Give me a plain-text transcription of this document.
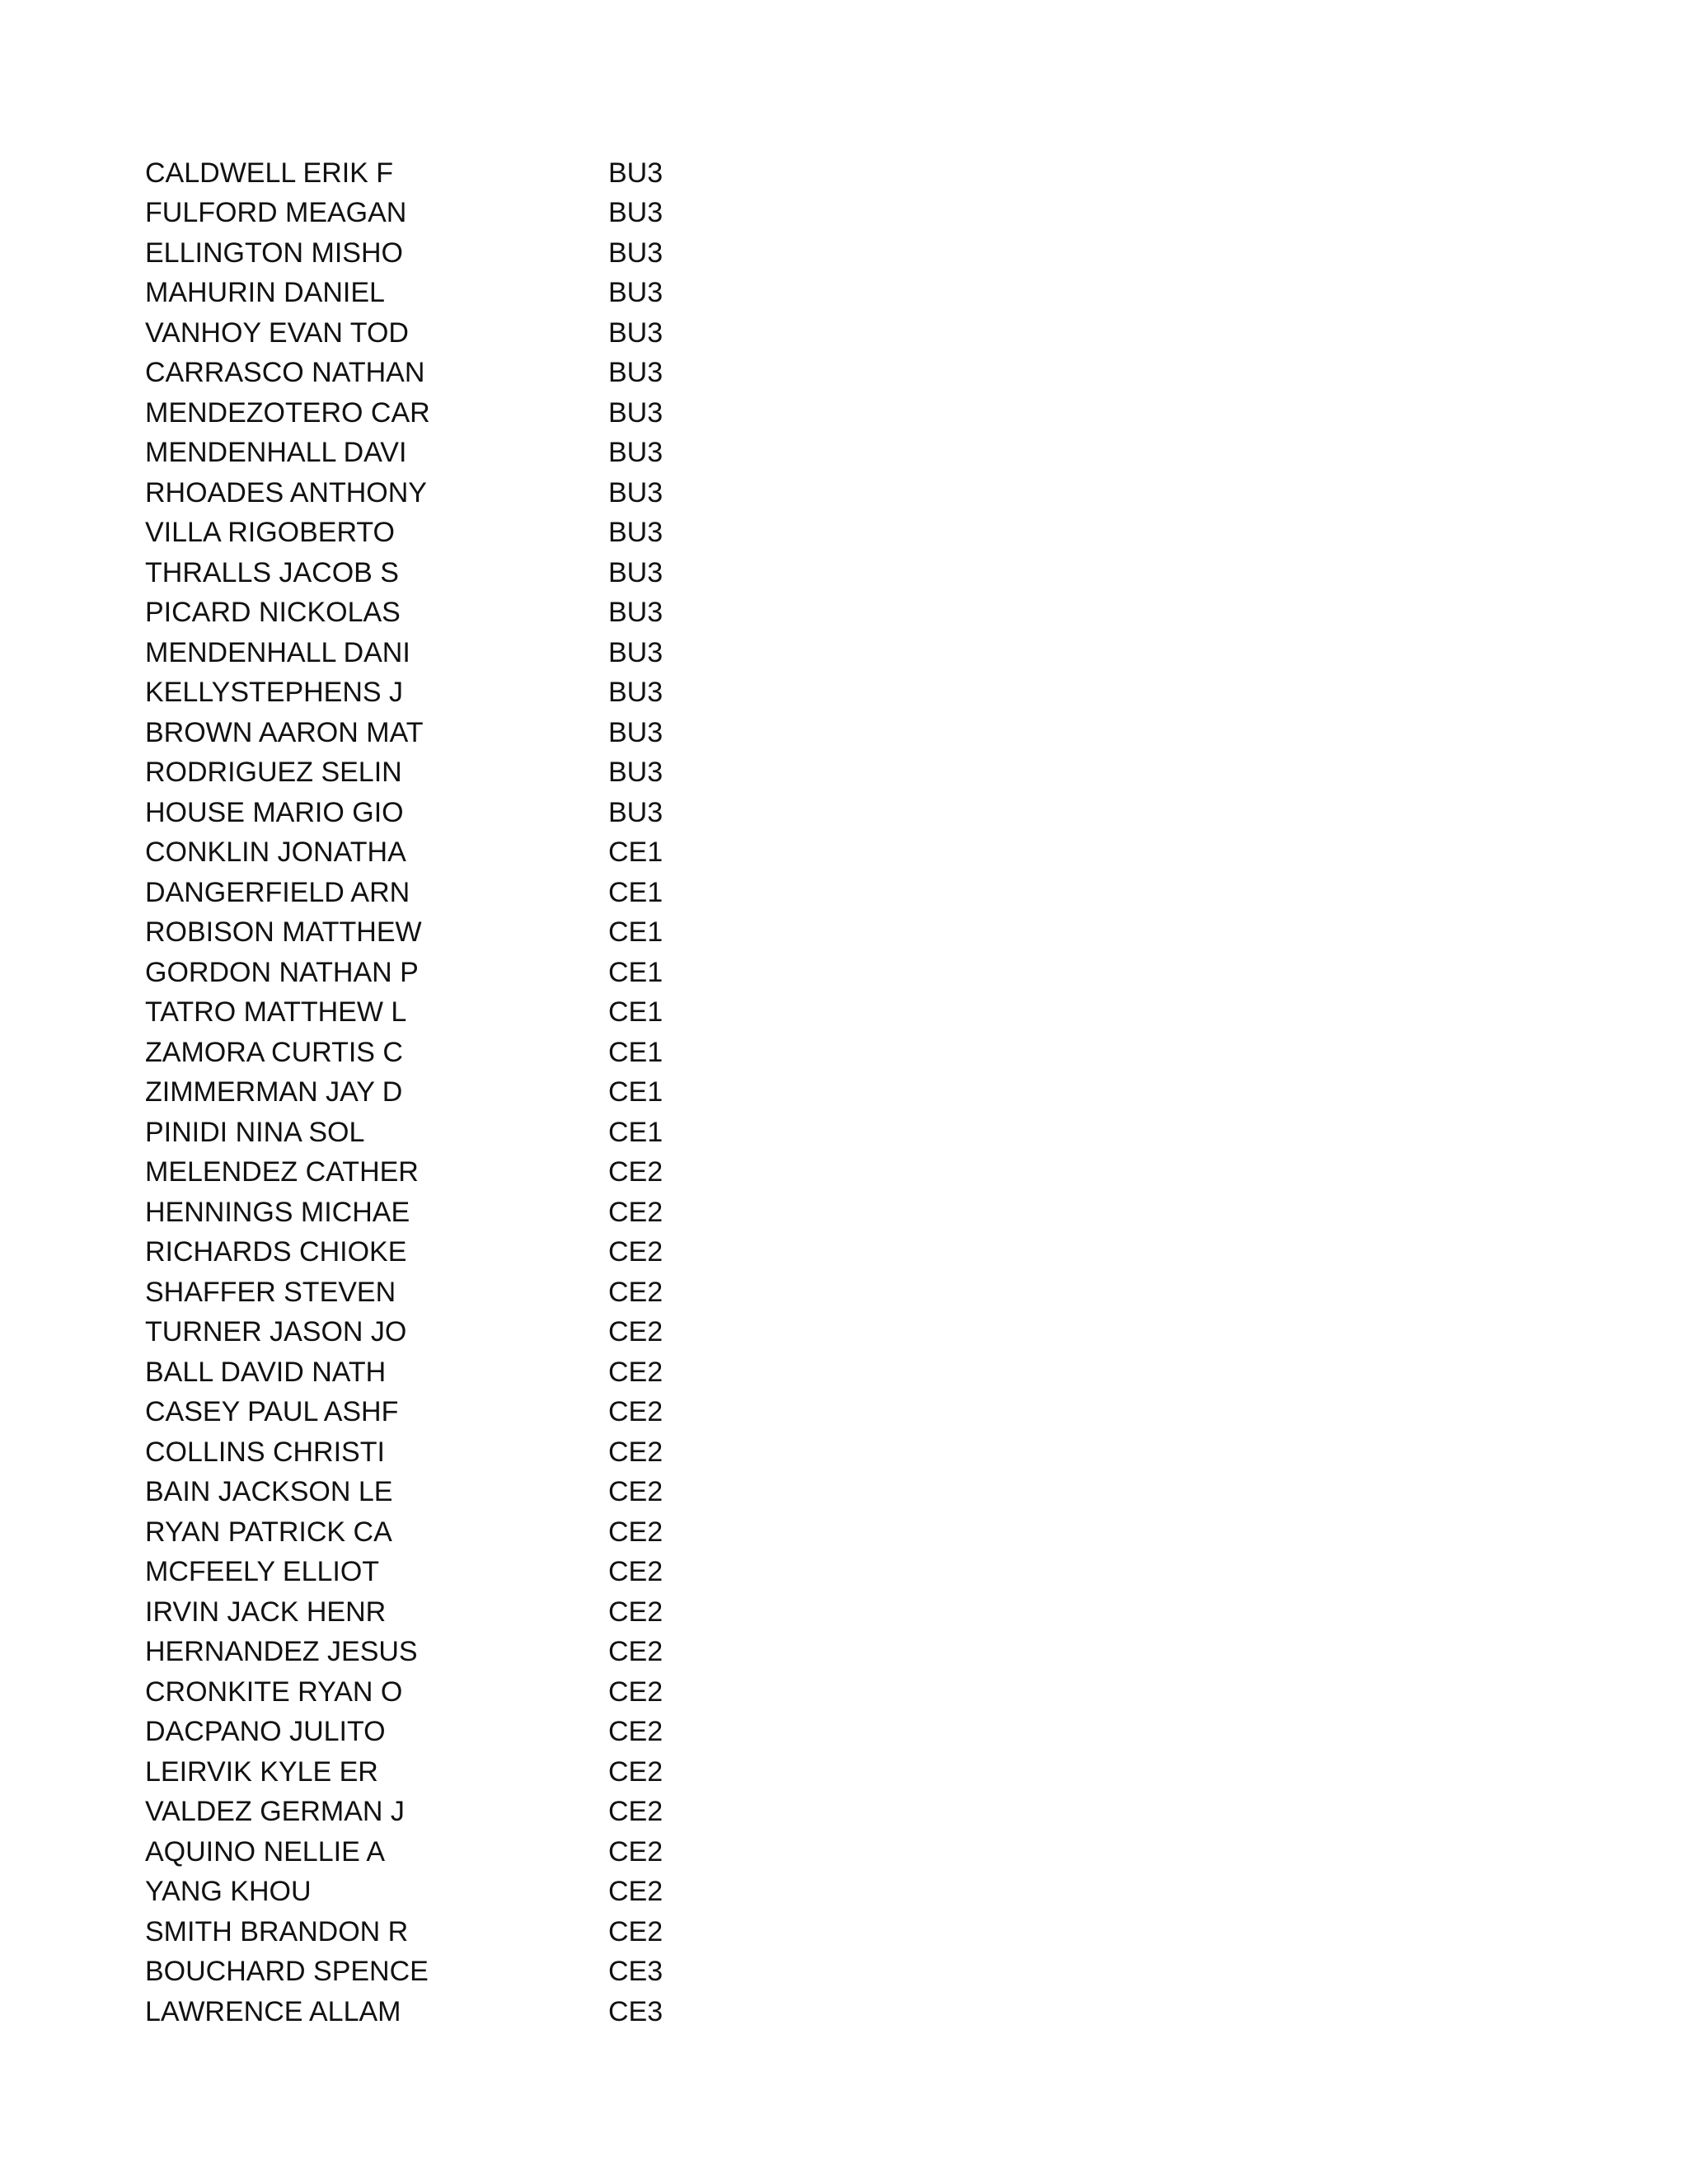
CALDWELL ERIK F	BU3
FULFORD MEAGAN	BU3
ELLINGTON MISHO	BU3
MAHURIN DANIEL	BU3
VANHOY EVAN TOD	BU3
CARRASCO NATHAN	BU3
MENDEZOTERO CAR	BU3
MENDENHALL DAVI	BU3
RHOADES ANTHONY	BU3
VILLA RIGOBERTO	BU3
THRALLS JACOB S	BU3
PICARD NICKOLAS	BU3
MENDENHALL DANI	BU3
KELLYSTEPHENS J	BU3
BROWN AARON MAT	BU3
RODRIGUEZ SELIN	BU3
HOUSE MARIO GIO	BU3
CONKLIN JONATHA	CE1
DANGERFIELD ARN	CE1
ROBISON MATTHEW	CE1
GORDON NATHAN P	CE1
TATRO MATTHEW L	CE1
ZAMORA CURTIS C	CE1
ZIMMERMAN JAY D	CE1
PINIDI NINA SOL	CE1
MELENDEZ CATHER	CE2
HENNINGS MICHAE	CE2
RICHARDS CHIOKE	CE2
SHAFFER STEVEN	CE2
TURNER JASON JO	CE2
BALL DAVID NATH	CE2
CASEY PAUL ASHF	CE2
COLLINS CHRISTI	CE2
BAIN JACKSON LE	CE2
RYAN PATRICK CA	CE2
MCFEELY ELLIOT	CE2
IRVIN JACK HENR	CE2
HERNANDEZ JESUS	CE2
CRONKITE RYAN O	CE2
DACPANO JULITO	CE2
LEIRVIK KYLE ER	CE2
VALDEZ GERMAN J	CE2
AQUINO NELLIE A	CE2
YANG KHOU	CE2
SMITH BRANDON R	CE2
BOUCHARD SPENCE	CE3
LAWRENCE ALLAM	CE3
